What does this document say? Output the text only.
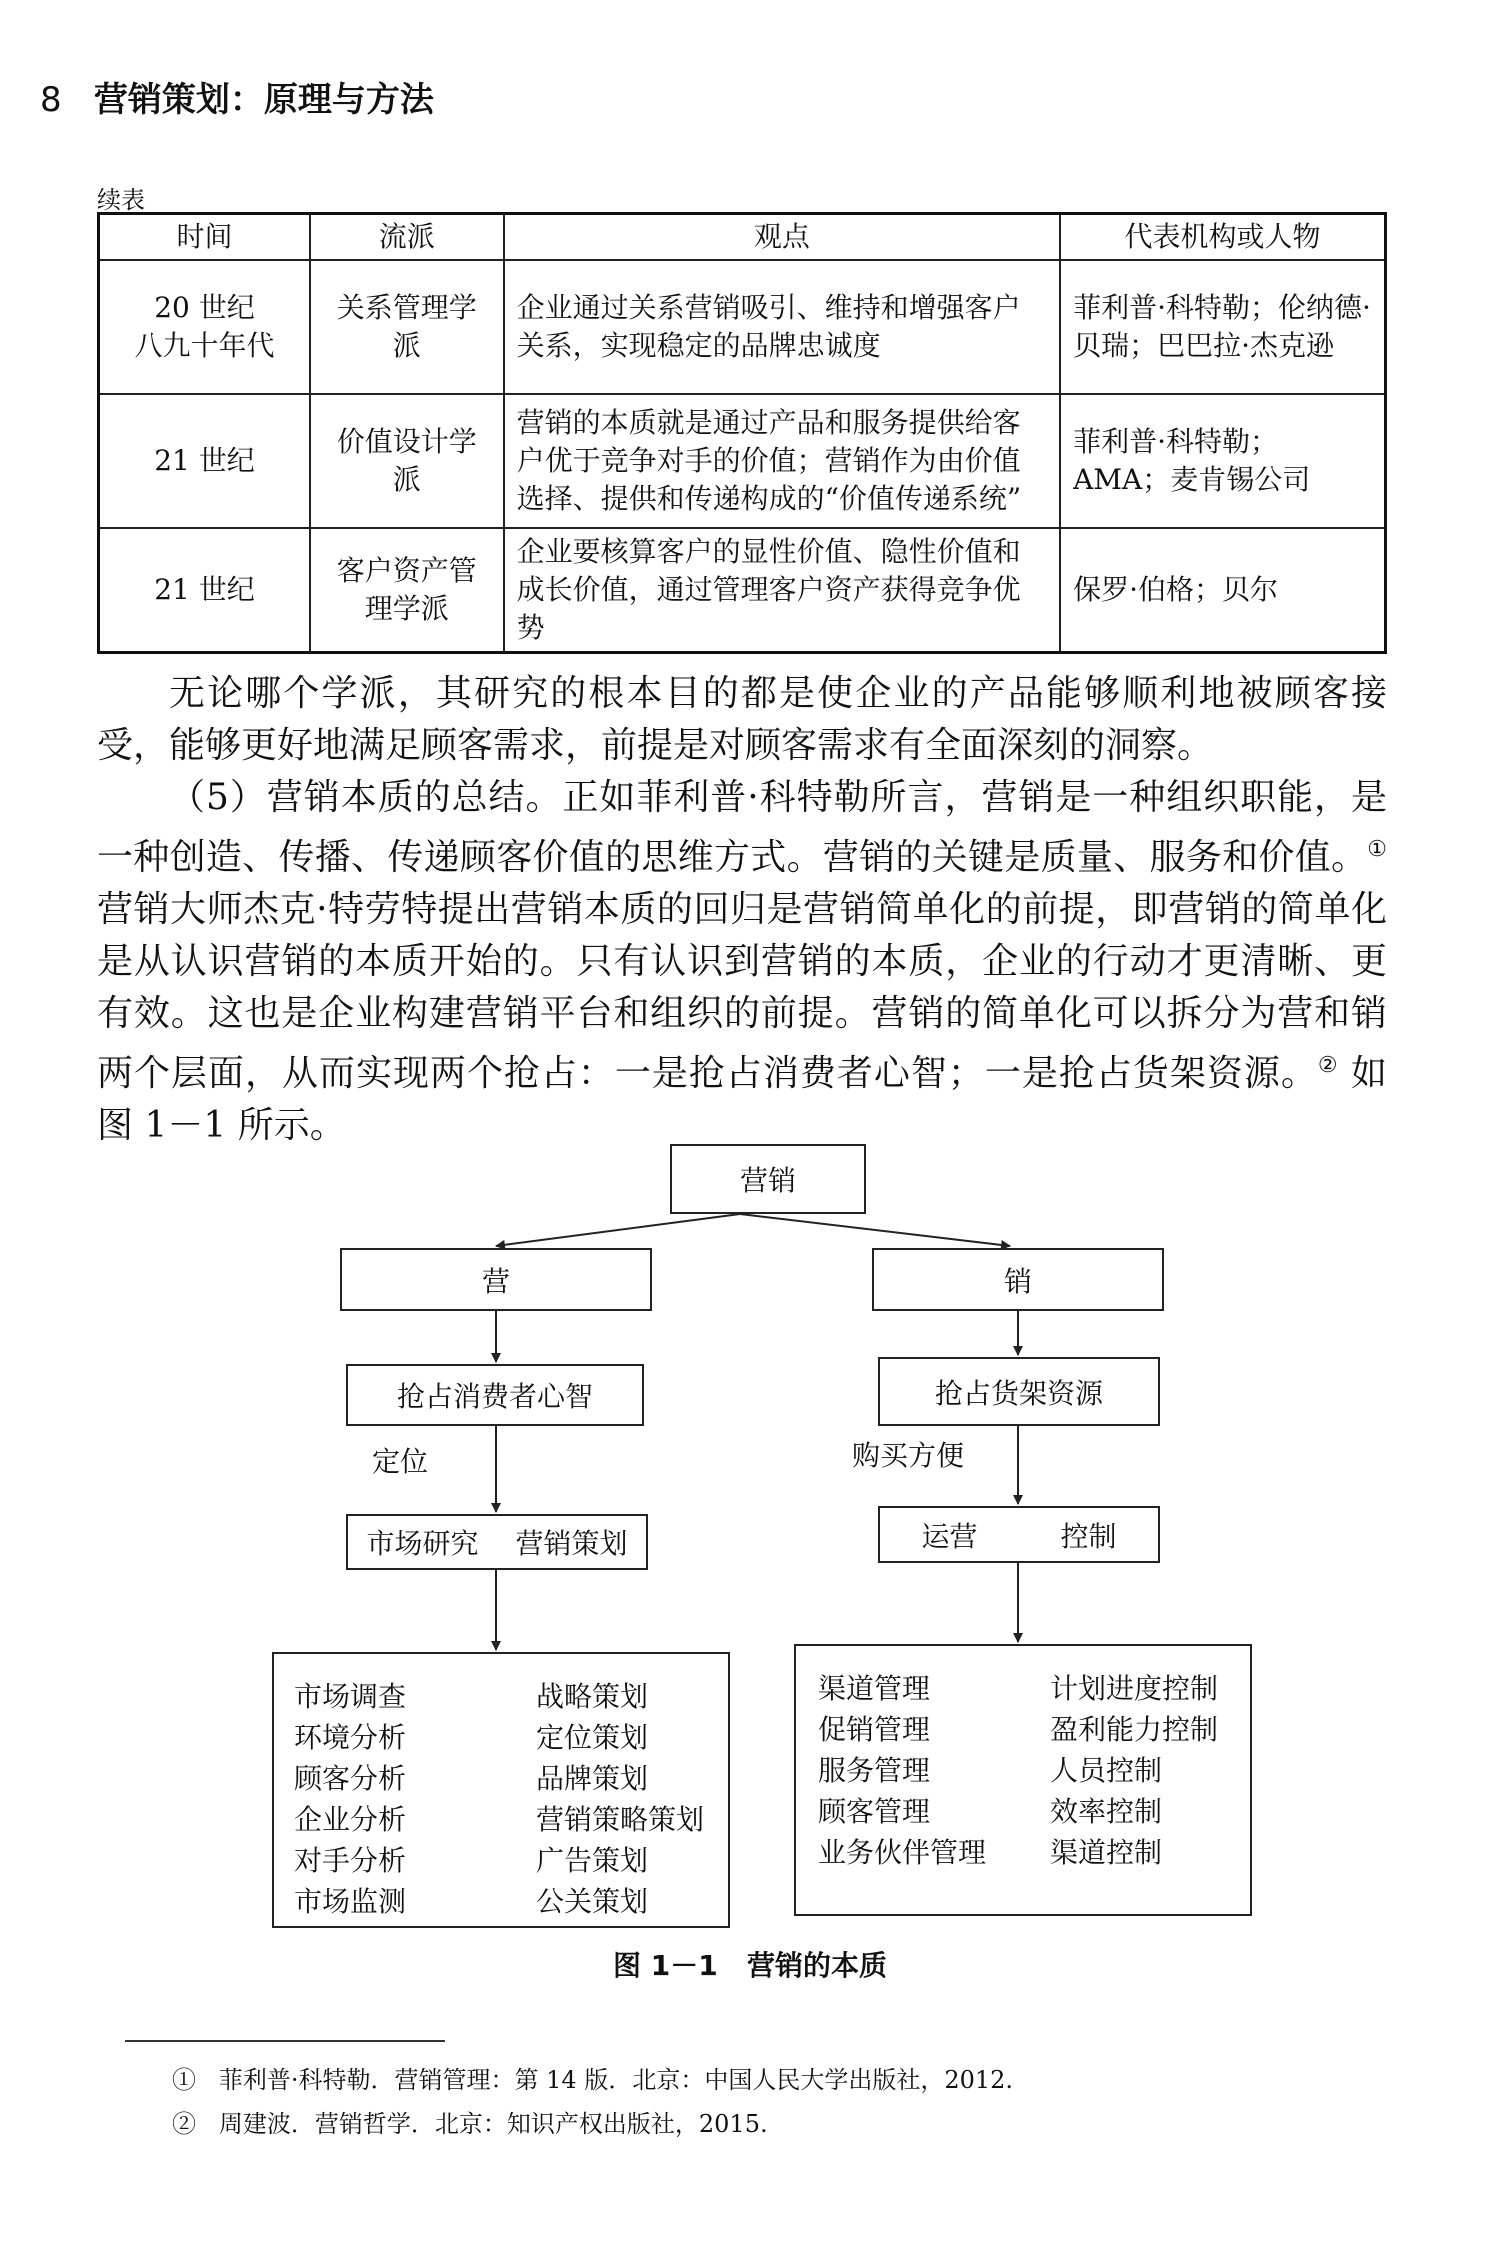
8 营销策划：原理与方法
续表
时间	流派	观点	代表机构或人物

20 世纪
八九十年代	关系管理学派	企业通过关系营销吸引、维持和增强客户关系，实现稳定的品牌忠诚度	菲利普·科特勒；伦纳德·贝瑞；巴巴拉·杰克逊

21 世纪	价值设计学派	营销的本质就是通过产品和服务提供给客户优于竞争对手的价值；营销作为由价值选择、提供和传递构成的“价值传递系统”	菲利普·科特勒；AMA；麦肯锡公司

21 世纪	客户资产管理学派	企业要核算客户的显性价值、隐性价值和成长价值，通过管理客户资产获得竞争优势	保罗·伯格；贝尔

无论哪个学派，其研究的根本目的都是使企业的产品能够顺利地被顾客接受，能够更好地满足顾客需求，前提是对顾客需求有全面深刻的洞察。

（5）营销本质的总结。正如菲利普·科特勒所言，营销是一种组织职能，是一种创造、传播、传递顾客价值的思维方式。营销的关键是质量、服务和价值。① 营销大师杰克·特劳特提出营销本质的回归是营销简单化的前提，即营销的简单化是从认识营销的本质开始的。只有认识到营销的本质，企业的行动才更清晰、更有效。这也是企业构建营销平台和组织的前提。营销的简单化可以拆分为营和销两个层面，从而实现两个抢占：一是抢占消费者心智；一是抢占货架资源。② 如图 1－1 所示。

营销
营	销
抢占消费者心智	抢占货架资源
定位	购买方便
市场研究 营销策划	运营	控制
市场调查
环境分析
顾客分析
企业分析
对手分析
市场监测
战略策划
定位策划
品牌策划
营销策略策划
广告策划
公关策划
渠道管理
促销管理
服务管理
顾客管理
业务伙伴管理
计划进度控制
盈利能力控制
人员控制
效率控制
渠道控制
图 1－1 营销的本质
① 菲利普·科特勒．营销管理：第 14 版．北京：中国人民大学出版社，2012.
② 周建波．营销哲学．北京：知识产权出版社，2015.
